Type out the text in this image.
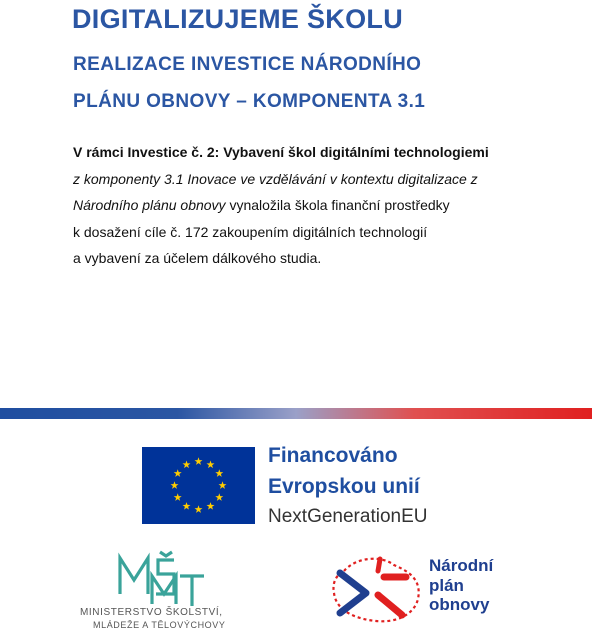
DIGITALIZUJEME ŠKOLU
REALIZACE INVESTICE NÁRODNÍHO
PLÁNU OBNOVY – KOMPONENTA 3.1
V rámci Investice č. 2: Vybavení škol digitálními technologiemi
z komponenty 3.1 Inovace ve vzdělávání v kontextu digitalizace z
Národního plánu obnovy vynaložila škola finanční prostředky
k dosažení cíle č. 172 zakoupením digitálních technologií
a vybavení za účelem dálkového studia.
Financováno
Evropskou unií
NextGenerationEU
MINISTERSTVO ŠKOLSTVÍ,
MLÁDEŽE A TĚLOVÝCHOVY
Národní
plán
obnovy
